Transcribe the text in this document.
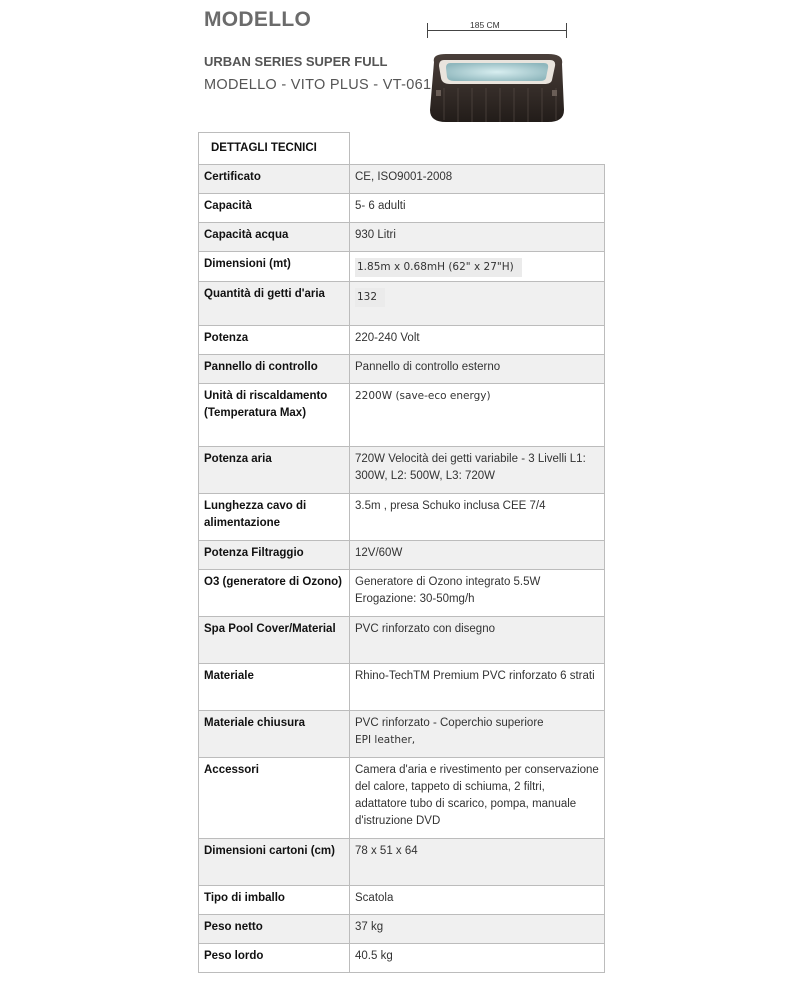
MODELLO
URBAN SERIES SUPER FULL
MODELLO - VITO PLUS - VT-061
185 CM
DETTAGLI TECNICI	
Certificato	CE, ISO9001-2008
Capacità	5- 6 adulti
Capacità acqua	930 Litri
Dimensioni (mt)	1.85m x 0.68mH (62" x 27"H)
Quantità di getti d'aria	132
Potenza	220-240 Volt
Pannello di controllo	Pannello di controllo esterno
Unità di riscaldamento (Temperatura Max)	2200W (save-eco energy)
Potenza aria	720W Velocità dei getti variabile - 3 Livelli L1: 300W, L2: 500W, L3: 720W
Lunghezza cavo di alimentazione	3.5m , presa Schuko inclusa CEE 7/4
Potenza Filtraggio	12V/60W
O3 (generatore di Ozono)	Generatore di Ozono integrato 5.5W Erogazione: 30-50mg/h
Spa Pool Cover/Material	PVC rinforzato con disegno
Materiale	Rhino-TechTM Premium PVC rinforzato 6 strati
Materiale chiusura	PVC rinforzato - Coperchio superiore
EPI leather,
Accessori	Camera d'aria e rivestimento per conservazione del calore, tappeto di schiuma, 2 filtri, adattatore tubo di scarico, pompa, manuale d'istruzione DVD
Dimensioni cartoni (cm)	78 x 51 x 64
Tipo di imballo	Scatola
Peso netto	37 kg
Peso lordo	40.5 kg
